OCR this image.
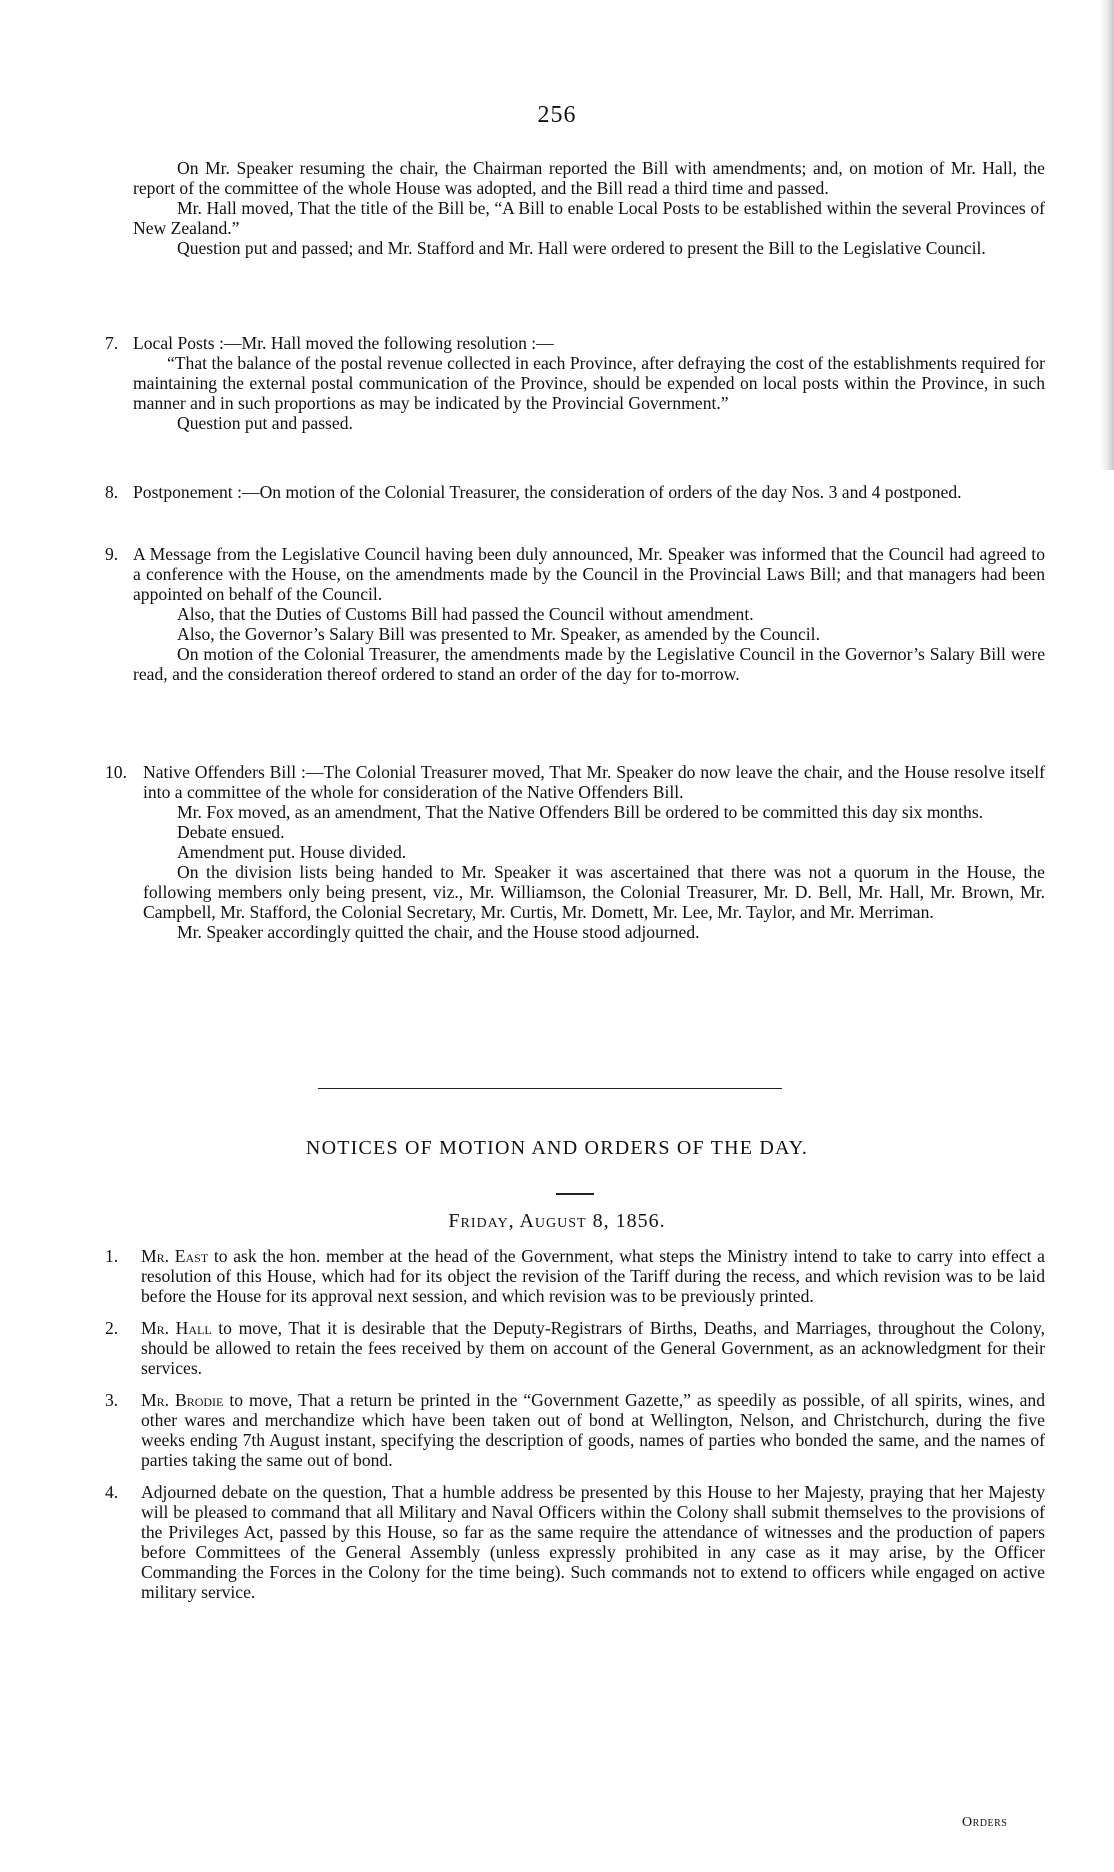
256

On Mr. Speaker resuming the chair, the Chairman reported the Bill with amendments; and, on motion of Mr. Hall, the report of the committee of the whole House was adopted, and the Bill read a third time and passed.

Mr. Hall moved, That the title of the Bill be, “A Bill to enable Local Posts to be established within the several Provinces of New Zealand.”

Question put and passed; and Mr. Stafford and Mr. Hall were ordered to present the Bill to the Legislative Council.

7. Local Posts :—Mr. Hall moved the following resolution :—

“That the balance of the postal revenue collected in each Province, after defraying the cost of the establishments required for maintaining the external postal communication of the Province, should be expended on local posts within the Province, in such manner and in such proportions as may be indicated by the Provincial Government.”

Question put and passed.

8. Postponement :—On motion of the Colonial Treasurer, the consideration of orders of the day Nos. 3 and 4 postponed.
9. A Message from the Legislative Council having been duly announced, Mr. Speaker was informed that the Council had agreed to a conference with the House, on the amendments made by the Council in the Provincial Laws Bill; and that managers had been appointed on behalf of the Council.

Also, that the Duties of Customs Bill had passed the Council without amendment.

Also, the Governor’s Salary Bill was presented to Mr. Speaker, as amended by the Council.

On motion of the Colonial Treasurer, the amendments made by the Legislative Council in the Governor’s Salary Bill were read, and the consideration thereof ordered to stand an order of the day for to-morrow.

10. Native Offenders Bill :—The Colonial Treasurer moved, That Mr. Speaker do now leave the chair, and the House resolve itself into a committee of the whole for consideration of the Native Offenders Bill.

Mr. Fox moved, as an amendment, That the Native Offenders Bill be ordered to be committed this day six months.

Debate ensued.

Amendment put. House divided.

On the division lists being handed to Mr. Speaker it was ascertained that there was not a quorum in the House, the following members only being present, viz., Mr. Williamson, the Colonial Treasurer, Mr. D. Bell, Mr. Hall, Mr. Brown, Mr. Campbell, Mr. Stafford, the Colonial Secretary, Mr. Curtis, Mr. Domett, Mr. Lee, Mr. Taylor, and Mr. Merriman.

Mr. Speaker accordingly quitted the chair, and the House stood adjourned.

NOTICES OF MOTION AND ORDERS OF THE DAY.
Friday, August 8, 1856.
1. Mr. East to ask the hon. member at the head of the Government, what steps the Ministry intend to take to carry into effect a resolution of this House, which had for its object the revision of the Tariff during the recess, and which revision was to be laid before the House for its approval next session, and which revision was to be previously printed.
2. Mr. Hall to move, That it is desirable that the Deputy-Registrars of Births, Deaths, and Marriages, throughout the Colony, should be allowed to retain the fees received by them on account of the General Government, as an acknowledgment for their services.
3. Mr. Brodie to move, That a return be printed in the “Government Gazette,” as speedily as possible, of all spirits, wines, and other wares and merchandize which have been taken out of bond at Wellington, Nelson, and Christchurch, during the five weeks ending 7th August instant, specifying the description of goods, names of parties who bonded the same, and the names of parties taking the same out of bond.
4. Adjourned debate on the question, That a humble address be presented by this House to her Majesty, praying that her Majesty will be pleased to command that all Military and Naval Officers within the Colony shall submit themselves to the provisions of the Privileges Act, passed by this House, so far as the same require the attendance of witnesses and the production of papers before Committees of the General Assembly (unless expressly prohibited in any case as it may arise, by the Officer Commanding the Forces in the Colony for the time being). Such commands not to extend to officers while engaged on active military service.
Orders
